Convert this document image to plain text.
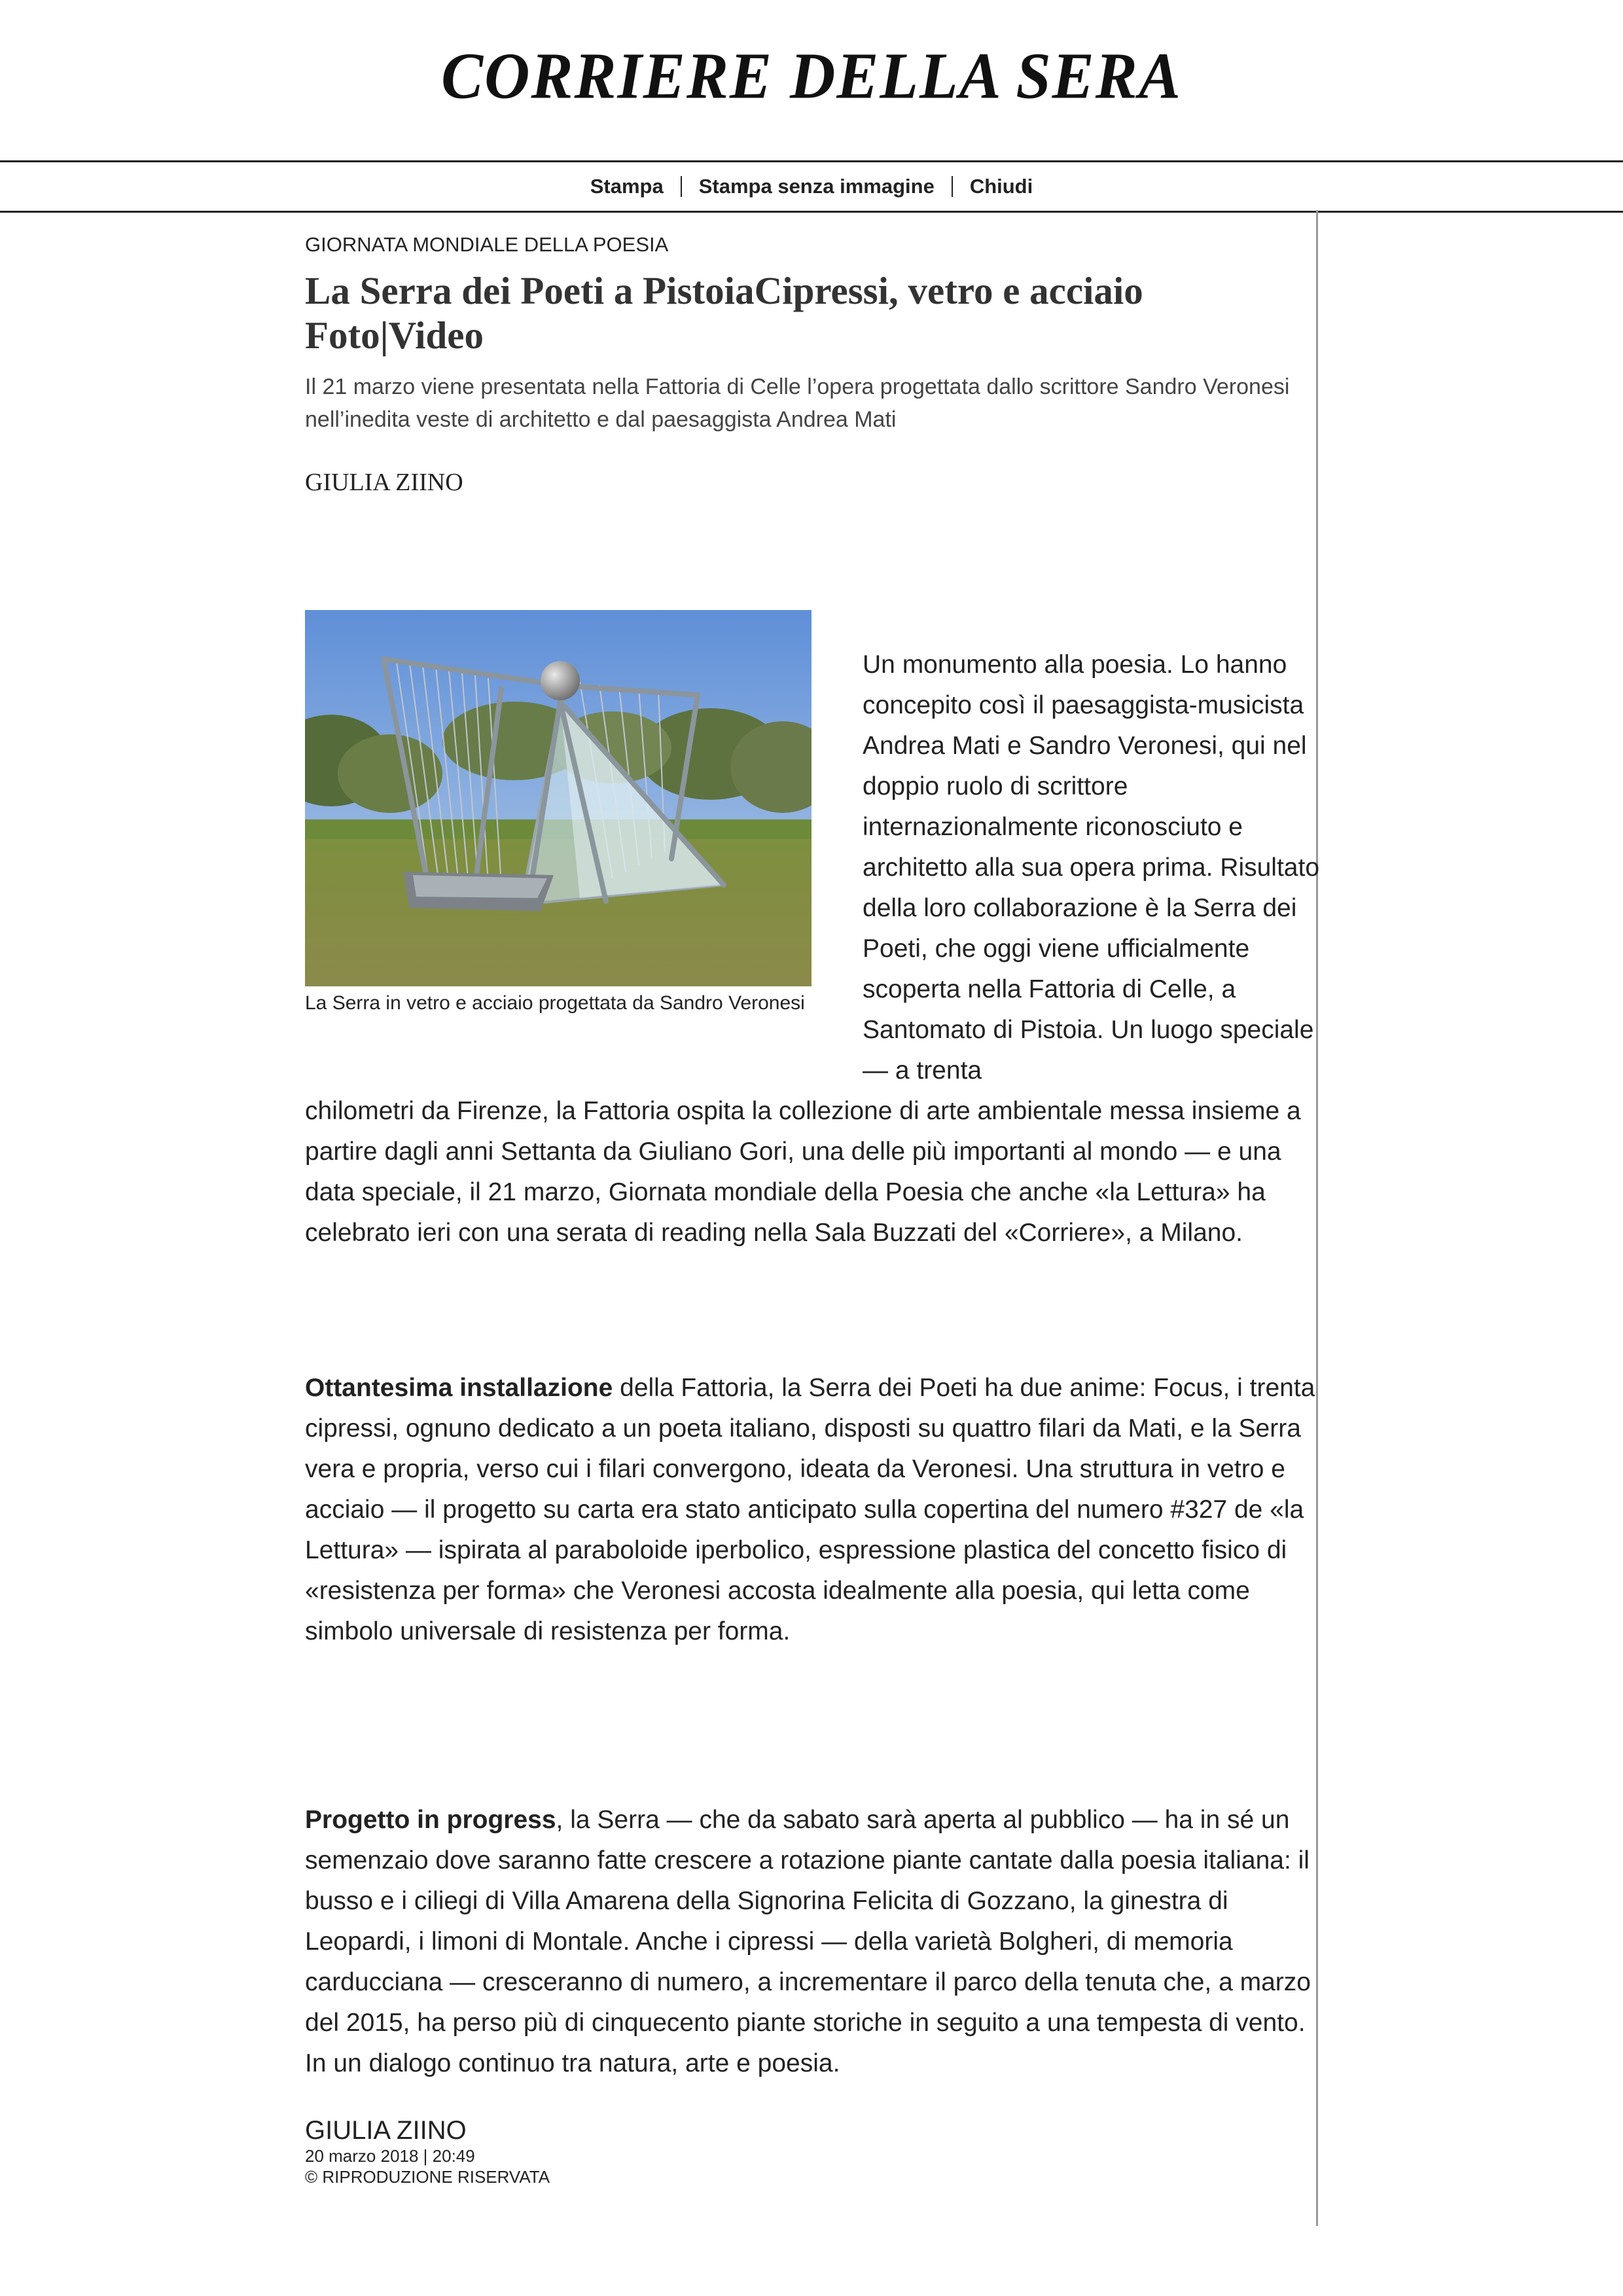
CORRIERE DELLA SERA
Stampa Stampa senza immagine Chiudi
GIORNATA MONDIALE DELLA POESIA
La Serra dei Poeti a PistoiaCipressi, vetro e acciaio
Foto|Video
Il 21 marzo viene presentata nella Fattoria di Celle l’opera progettata dallo scrittore Sandro Veronesi nell’inedita veste di architetto e dal paesaggista Andrea Mati
GIULIA ZIINO
La Serra in vetro e acciaio progettata da Sandro Veronesi
Un monumento alla poesia. Lo hanno concepito così il paesaggista-musicista Andrea Mati e Sandro Veronesi, qui nel doppio ruolo di scrittore internazionalmente riconosciuto e architetto alla sua opera prima. Risultato della loro collaborazione è la Serra dei Poeti, che oggi viene ufficialmente scoperta nella Fattoria di Celle, a Santomato di Pistoia. Un luogo speciale — a trenta
chilometri da Firenze, la Fattoria ospita la collezione di arte ambientale messa insieme a partire dagli anni Settanta da Giuliano Gori, una delle più importanti al mondo — e una data speciale, il 21 marzo, Giornata mondiale della Poesia che anche «la Lettura» ha celebrato ieri con una serata di reading nella Sala Buzzati del «Corriere», a Milano.
Ottantesima installazione della Fattoria, la Serra dei Poeti ha due anime: Focus, i trenta cipressi, ognuno dedicato a un poeta italiano, disposti su quattro filari da Mati, e la Serra vera e propria, verso cui i filari convergono, ideata da Veronesi. Una struttura in vetro e acciaio — il progetto su carta era stato anticipato sulla copertina del numero #327 de «la Lettura» — ispirata al paraboloide iperbolico, espressione plastica del concetto fisico di «resistenza per forma» che Veronesi accosta idealmente alla poesia, qui letta come simbolo universale di resistenza per forma.
Progetto in progress, la Serra — che da sabato sarà aperta al pubblico — ha in sé un semenzaio dove saranno fatte crescere a rotazione piante cantate dalla poesia italiana: il busso e i ciliegi di Villa Amarena della Signorina Felicita di Gozzano, la ginestra di Leopardi, i limoni di Montale. Anche i cipressi — della varietà Bolgheri, di memoria carducciana — cresceranno di numero, a incrementare il parco della tenuta che, a marzo del 2015, ha perso più di cinquecento piante storiche in seguito a una tempesta di vento. In un dialogo continuo tra natura, arte e poesia.
GIULIA ZIINO
20 marzo 2018 | 20:49
© RIPRODUZIONE RISERVATA
